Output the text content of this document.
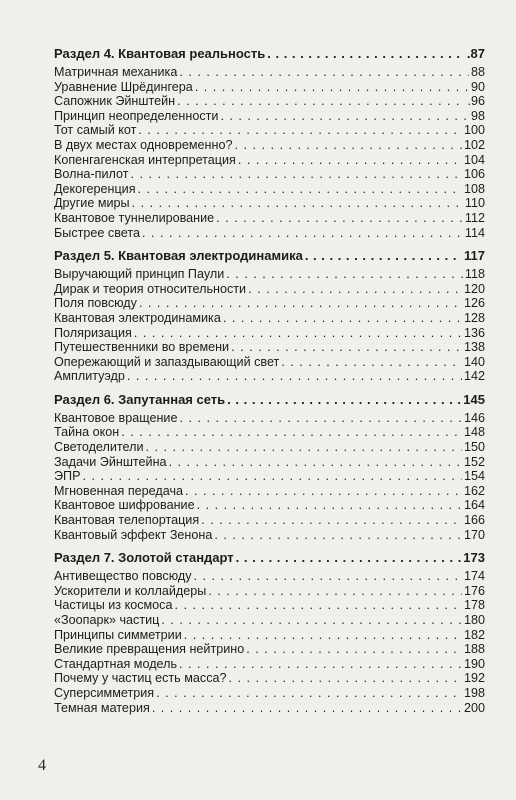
Раздел 4. Квантовая реальность . . .	.87
Матричная механика . . .	88
Уравнение Шрёдингера . . .	90
Сапожник Эйнштейн . . .	.96
Принцип неопределенности . . .	98
Тот самый кот . . .	100
В двух местах одновременно? . . .	102
Копенгагенская интерпретация . . .	104
Волна-пилот . . .	106
Декогеренция . . .	108
Другие миры . . .	110
Квантовое туннелирование . . .	112
Быстрее света . . .	114
Раздел 5. Квантовая электродинамика . . .	117
Выручающий принцип Паули . . .	118
Дирак и теория относительности . . .	120
Поля повсюду . . .	126
Квантовая электродинамика . . .	128
Поляризация . . .	136
Путешественники во времени . . .	138
Опережающий и запаздывающий свет . . .	140
Амплитуэдр . . .	142
Раздел 6. Запутанная сеть . . .	145
Квантовое вращение . . .	146
Тайна окон . . .	148
Светоделители . . .	150
Задачи Эйнштейна . . .	152
ЭПР . . .	154
Мгновенная передача . . .	162
Квантовое шифрование . . .	164
Квантовая телепортация . . .	166
Квантовый эффект Зенона . . .	170
Раздел 7. Золотой стандарт . . .	173
Антивещество повсюду . . .	174
Ускорители и коллайдеры . . .	176
Частицы из космоса . . .	178
«Зоопарк» частиц . . .	180
Принципы симметрии . . .	182
Великие превращения нейтрино . . .	188
Стандартная модель . . .	190
Почему у частиц есть масса? . . .	192
Суперсимметрия . . .	198
Темная материя . . .	200
4
